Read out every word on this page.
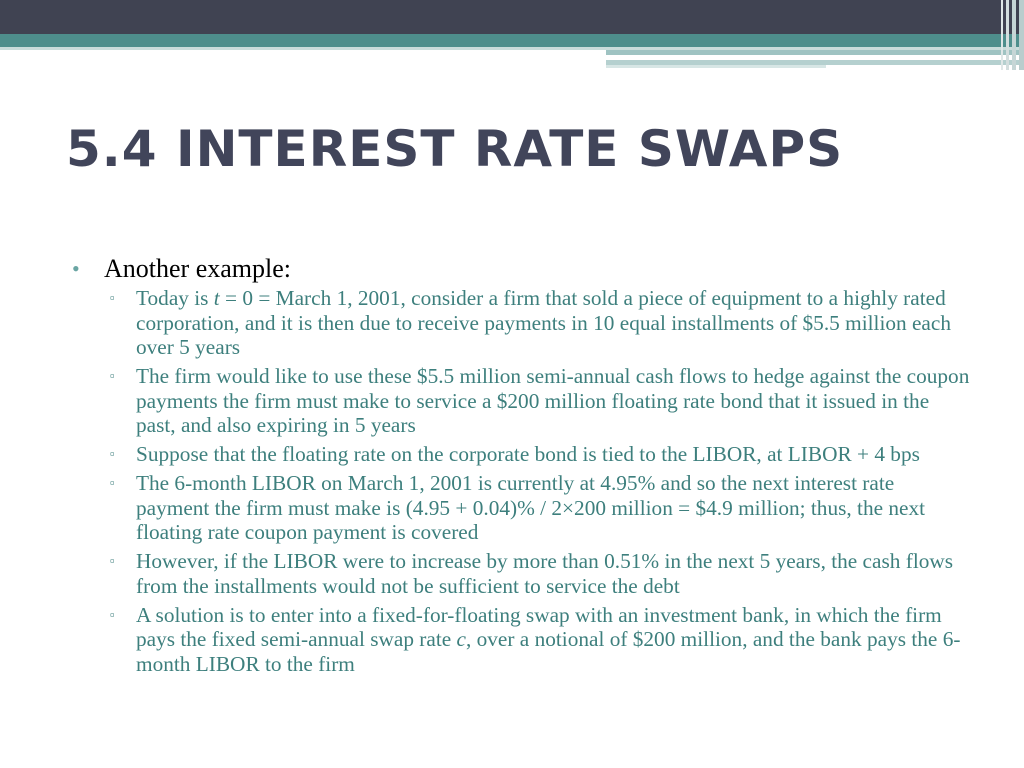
5.4 INTEREST RATE SWAPS
• Another example:
▫ Today is t = 0 = March 1, 2001, consider a firm that sold a piece of equipment to a highly rated corporation, and it is then due to receive payments in 10 equal installments of $5.5 million each over 5 years
▫ The firm would like to use these $5.5 million semi-annual cash flows to hedge against the coupon payments the firm must make to service a $200 million floating rate bond that it issued in the past, and also expiring in 5 years
▫ Suppose that the floating rate on the corporate bond is tied to the LIBOR, at LIBOR + 4 bps
▫ The 6-month LIBOR on March 1, 2001 is currently at 4.95% and so the next interest rate payment the firm must make is (4.95 + 0.04)% / 2×200 million = $4.9 million; thus, the next floating rate coupon payment is covered
▫ However, if the LIBOR were to increase by more than 0.51% in the next 5 years, the cash flows from the installments would not be sufficient to service the debt
▫ A solution is to enter into a fixed-for-floating swap with an investment bank, in which the firm pays the fixed semi-annual swap rate c, over a notional of $200 million, and the bank pays the 6-month LIBOR to the firm
